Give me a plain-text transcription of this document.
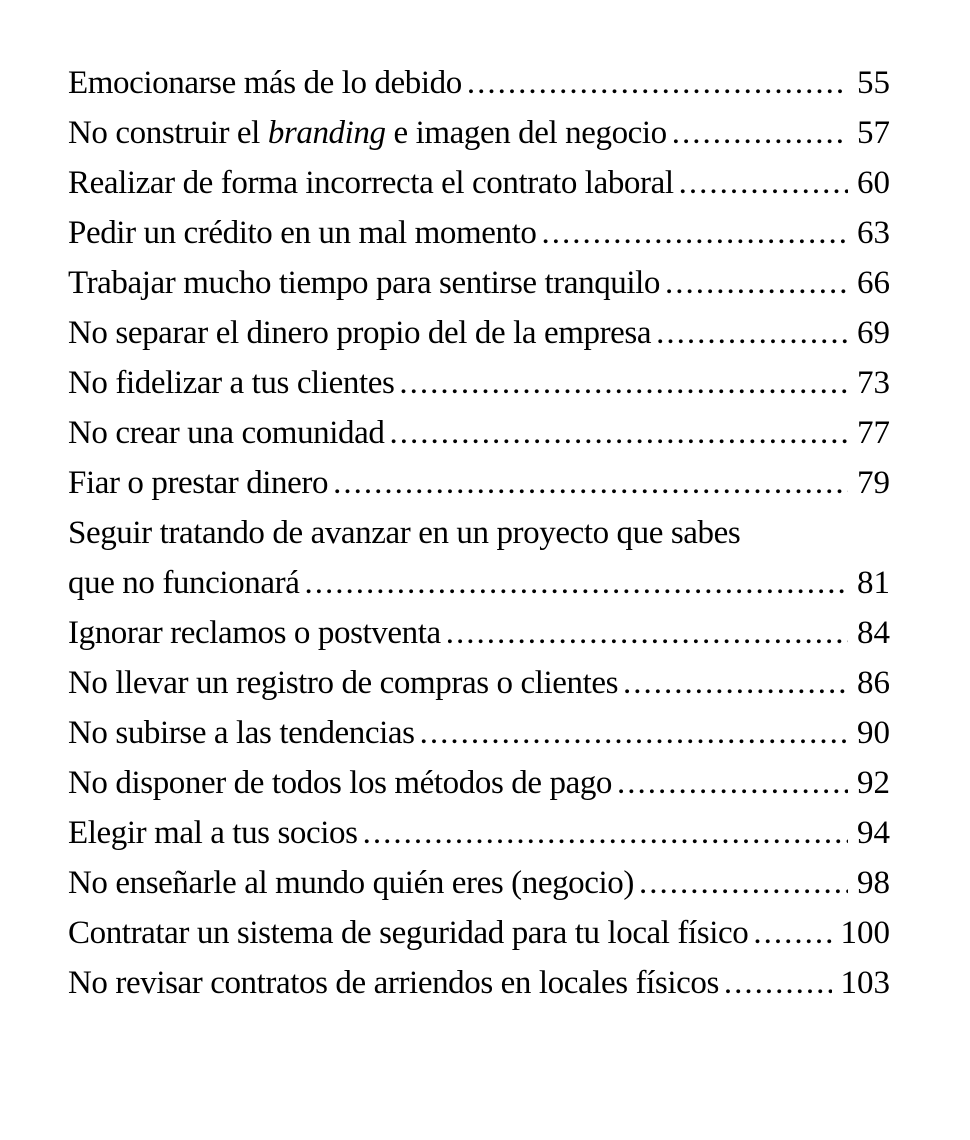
Emocionarse más de lo debido .....	55
No construir el branding e imagen del negocio .....	57
Realizar de forma incorrecta el contrato laboral .....	60
Pedir un crédito en un mal momento .....	63
Trabajar mucho tiempo para sentirse tranquilo .....	66
No separar el dinero propio del de la empresa .....	69
No fidelizar a tus clientes .....	73
No crear una comunidad .....	77
Fiar o prestar dinero .....	79
Seguir tratando de avanzar en un proyecto que sabes
que no funcionará .....	81
Ignorar reclamos o postventa .....	84
No llevar un registro de compras o clientes .....	86
No subirse a las tendencias .....	90
No disponer de todos los métodos de pago .....	92
Elegir mal a tus socios .....	94
No enseñarle al mundo quién eres (negocio) .....	98
Contratar un sistema de seguridad para tu local físico .....	100
No revisar contratos de arriendos en locales físicos .....	103
